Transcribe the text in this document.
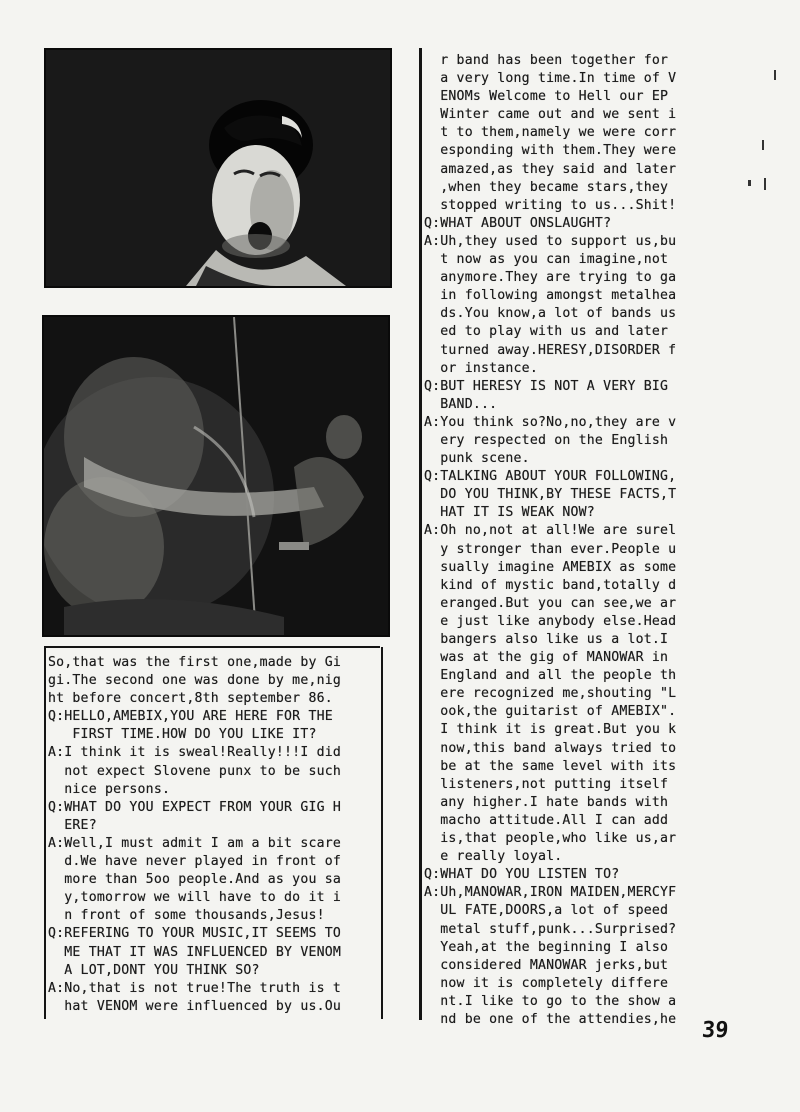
So,that was the first one,made by Gi
gi.The second one was done by me,nig
ht before concert,8th september 86.
Q:HELLO,AMEBIX,YOU ARE HERE FOR THE
FIRST TIME.HOW DO YOU LIKE IT?
A:I think it is sweal!Really!!!I did
not expect Slovene punx to be such
nice persons.
Q:WHAT DO YOU EXPECT FROM YOUR GIG H
ERE?
A:Well,I must admit I am a bit scare
d.We have never played in front of
more than 5oo people.And as you sa
y,tomorrow we will have to do it i
n front of some thousands,Jesus!
Q:REFERING TO YOUR MUSIC,IT SEEMS TO
ME THAT IT WAS INFLUENCED BY VENOM
A LOT,DONT YOU THINK SO?
A:No,that is not true!The truth is t
hat VENOM were influenced by us.Ou
r band has been together for
a very long time.In time of V
ENOMs Welcome to Hell our EP
Winter came out and we sent i
t to them,namely we were corr
esponding with them.They were
amazed,as they said and later
,when they became stars,they
stopped writing to us...Shit!
Q:WHAT ABOUT ONSLAUGHT?
A:Uh,they used to support us,bu
t now as you can imagine,not
anymore.They are trying to ga
in following amongst metalhea
ds.You know,a lot of bands us
ed to play with us and later
turned away.HERESY,DISORDER f
or instance.
Q:BUT HERESY IS NOT A VERY BIG
BAND...
A:You think so?No,no,they are v
ery respected on the English
punk scene.
Q:TALKING ABOUT YOUR FOLLOWING,
DO YOU THINK,BY THESE FACTS,T
HAT IT IS WEAK NOW?
A:Oh no,not at all!We are surel
y stronger than ever.People u
sually imagine AMEBIX as some
kind of mystic band,totally d
eranged.But you can see,we ar
e just like anybody else.Head
bangers also like us a lot.I
was at the gig of MANOWAR in
England and all the people th
ere recognized me,shouting "L
ook,the guitarist of AMEBIX".
I think it is great.But you k
now,this band always tried to
be at the same level with its
listeners,not putting itself
any higher.I hate bands with
macho attitude.All I can add
is,that people,who like us,ar
e really loyal.
Q:WHAT DO YOU LISTEN TO?
A:Uh,MANOWAR,IRON MAIDEN,MERCYF
UL FATE,DOORS,a lot of speed
metal stuff,punk...Surprised?
Yeah,at the beginning I also
considered MANOWAR jerks,but
now it is completely differe
nt.I like to go to the show a
nd be one of the attendies,he	39
